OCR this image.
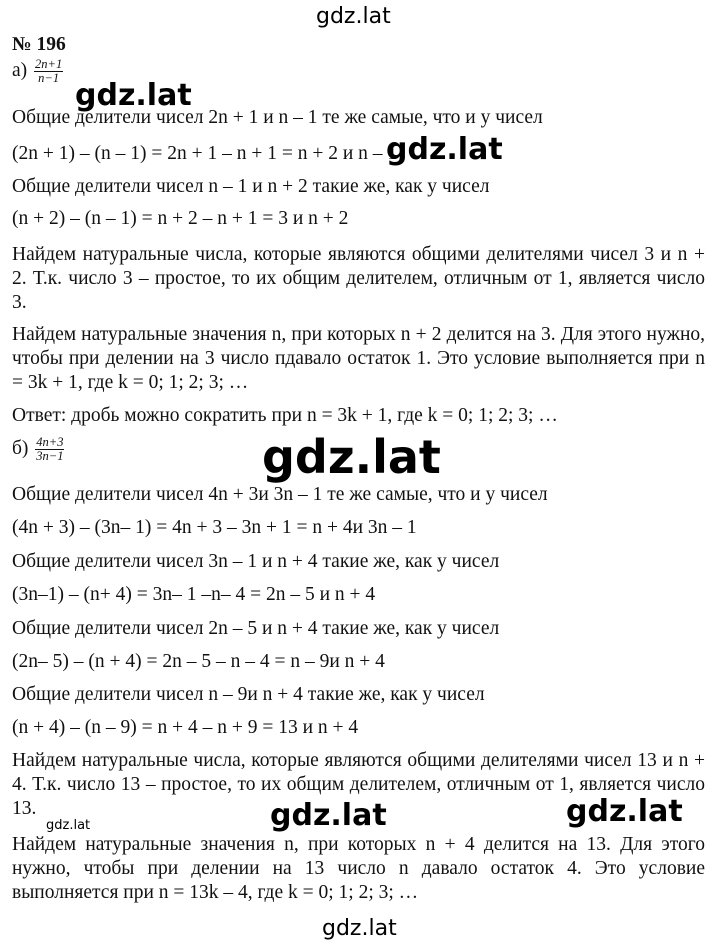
gdz.lat
№ 196
$а) \frac{2n+1}{n-1}$
gdz.lat
Общие делители чисел 2n + 1 и n – 1 те же самые, что и у чисел
(2n + 1) – (n – 1) = 2n + 1 – n + 1 = n + 2 и n – 1
gdz.lat
Общие делители чисел n – 1 и n + 2 такие же, как у чисел
(n + 2) – (n – 1) = n + 2 – n + 1 = 3 и n + 2
Найдем натуральные числа, которые являются общими делителями чисел 3 и n + 2. Т.к. число 3 – простое, то их общим делителем, отличным от 1, является число 3.
Найдем натуральные значения n, при которых n + 2 делится на 3. Для этого нужно, чтобы при делении на 3 число пдавало остаток 1. Это условие выполняется при n = 3k + 1, где k = 0; 1; 2; 3; …
Ответ: дробь можно сократить при n = 3k + 1, где k = 0; 1; 2; 3; …
$б) \frac{4n+3}{3n-1}$	gdz.lat
Общие делители чисел 4n + 3и 3n – 1 те же самые, что и у чисел
(4n + 3) – (3n– 1) = 4n + 3 – 3n + 1 = n + 4и 3n – 1
Общие делители чисел 3n – 1 и n + 4 такие же, как у чисел
(3n–1) – (n+ 4) = 3n– 1 –n– 4 = 2n – 5 и n + 4
Общие делители чисел 2n – 5 и n + 4 такие же, как у чисел
(2n– 5) – (n + 4) = 2n – 5 – n – 4 = n – 9и n + 4
Общие делители чисел n – 9и n + 4 такие же, как у чисел
(n + 4) – (n – 9) = n + 4 – n + 9 = 13 и n + 4
Найдем натуральные числа, которые являются общими делителями чисел 13 и n + 4. Т.к. число 13 – простое, то их общим делителем, отличным от 1, является число 13.	gdz.lat	gdz.lat
gdz.lat
Найдем натуральные значения n, при которых n + 4 делится на 13. Для этого нужно, чтобы при делении на 13 число n давало остаток 4. Это условие выполняется при n = 13k – 4, где k = 0; 1; 2; 3; …
gdz.lat
